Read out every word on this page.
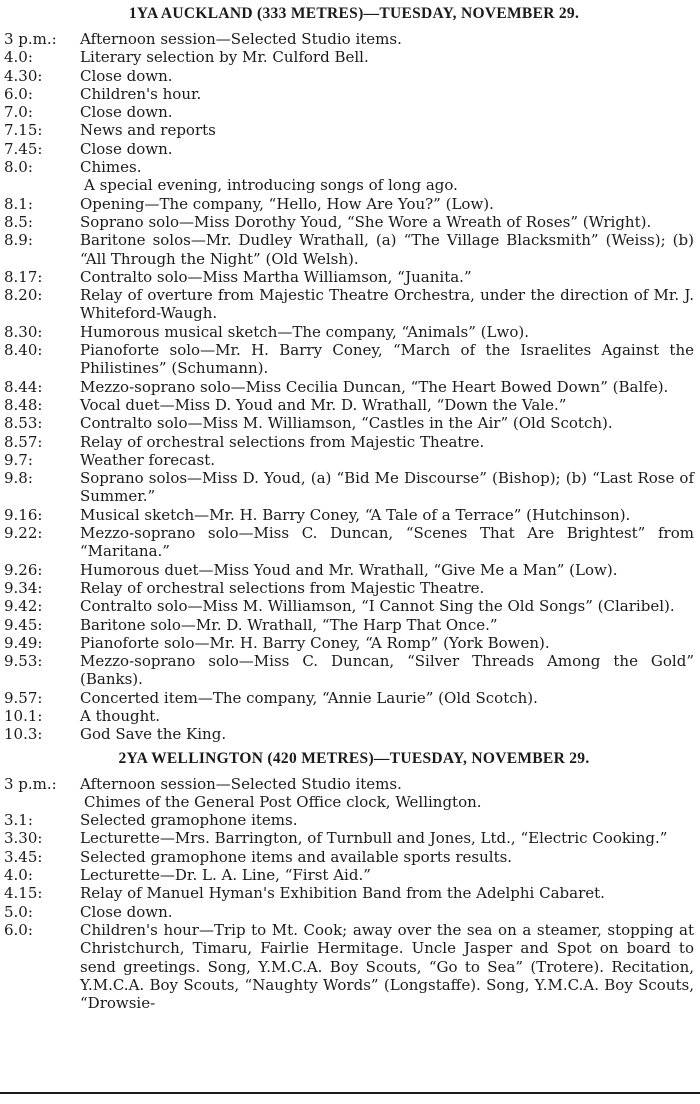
1YA AUCKLAND (333 METRES)—TUESDAY, NOVEMBER 29.
3 p.m.:	Afternoon session—Selected Studio items.
4.0:	Literary selection by Mr. Culford Bell.
4.30:	Close down.
6.0:	Children's hour.
7.0:	Close down.
7.15:	News and reports
7.45:	Close down.
8.0:	Chimes.

A special evening, introducing songs of long ago.

8.1:	Opening—The company, “Hello, How Are You?” (Low).
8.5:	Soprano solo—Miss Dorothy Youd, “She Wore a Wreath of Roses” (Wright).
8.9:	Baritone solos—Mr. Dudley Wrathall, (a) “The Village Blacksmith” (Weiss); (b) “All Through the Night” (Old Welsh).
8.17:	Contralto solo—Miss Martha Williamson, “Juanita.”
8.20:	Relay of overture from Majestic Theatre Orchestra, under the direction of Mr. J. Whiteford-Waugh.
8.30:	Humorous musical sketch—The company, “Animals” (Lwo).
8.40:	Pianoforte solo—Mr. H. Barry Coney, “March of the Israelites Against the Philistines” (Schumann).
8.44:	Mezzo-soprano solo—Miss Cecilia Duncan, “The Heart Bowed Down” (Balfe).
8.48:	Vocal duet—Miss D. Youd and Mr. D. Wrathall, “Down the Vale.”
8.53:	Contralto solo—Miss M. Williamson, “Castles in the Air” (Old Scotch).
8.57:	Relay of orchestral selections from Majestic Theatre.
9.7:	Weather forecast.
9.8:	Soprano solos—Miss D. Youd, (a) “Bid Me Discourse” (Bishop); (b) “Last Rose of Summer.”
9.16:	Musical sketch—Mr. H. Barry Coney, “A Tale of a Terrace” (Hutchinson).
9.22:	Mezzo-soprano solo—Miss C. Duncan, “Scenes That Are Brightest” from “Maritana.”
9.26:	Humorous duet—Miss Youd and Mr. Wrathall, “Give Me a Man” (Low).
9.34:	Relay of orchestral selections from Majestic Theatre.
9.42:	Contralto solo—Miss M. Williamson, “I Cannot Sing the Old Songs” (Claribel).
9.45:	Baritone solo—Mr. D. Wrathall, “The Harp That Once.”
9.49:	Pianoforte solo—Mr. H. Barry Coney, “A Romp” (York Bowen).
9.53:	Mezzo-soprano solo—Miss C. Duncan, “Silver Threads Among the Gold” (Banks).
9.57:	Concerted item—The company, “Annie Laurie” (Old Scotch).
10.1:	A thought.
10.3:	God Save the King.
2YA WELLINGTON (420 METRES)—TUESDAY, NOVEMBER 29.
3 p.m.:	Afternoon session—Selected Studio items.

Chimes of the General Post Office clock, Wellington.

3.1:	Selected gramophone items.
3.30:	Lecturette—Mrs. Barrington, of Turnbull and Jones, Ltd., “Electric Cooking.”
3.45:	Selected gramophone items and available sports results.
4.0:	Lecturette—Dr. L. A. Line, “First Aid.”
4.15:	Relay of Manuel Hyman's Exhibition Band from the Adelphi Cabaret.
5.0:	Close down.
6.0:	Children's hour—Trip to Mt. Cook; away over the sea on a steamer, stopping at Christchurch, Timaru, Fairlie Hermitage. Uncle Jasper and Spot on board to send greetings. Song, Y.M.C.A. Boy Scouts, “Go to Sea” (Trotere). Recitation, Y.M.C.A. Boy Scouts, “Naughty Words” (Longstaffe). Song, Y.M.C.A. Boy Scouts, “Drowsie-
